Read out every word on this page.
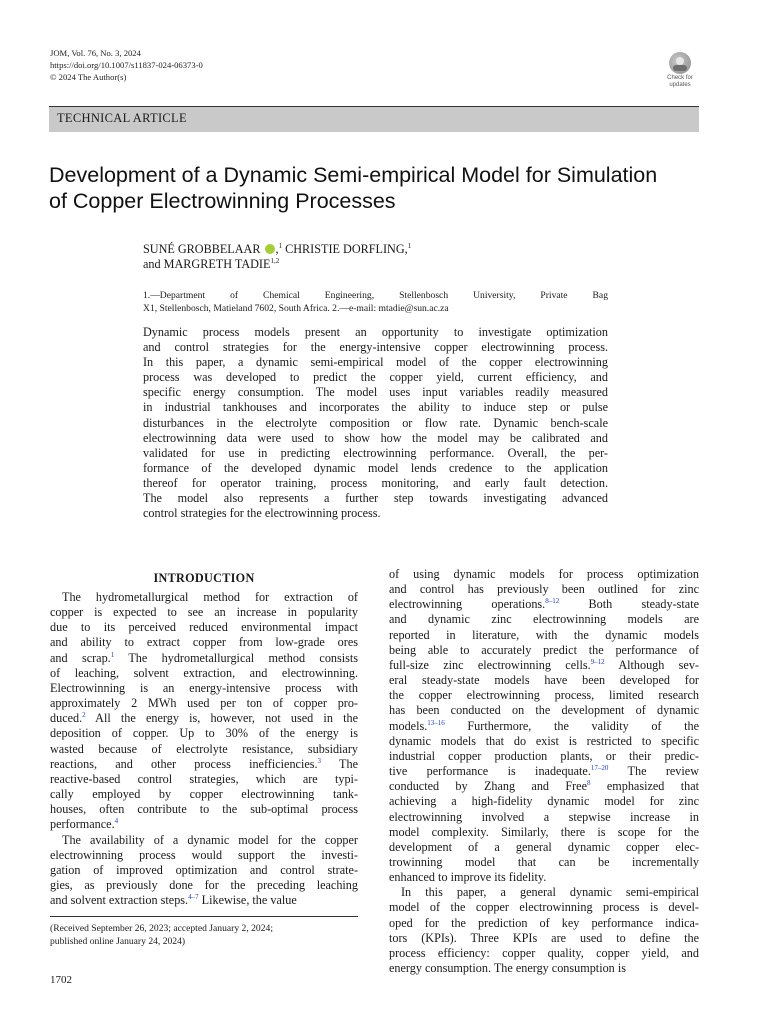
JOM, Vol. 76, No. 3, 2024
https://doi.org/10.1007/s11837-024-06373-0
© 2024 The Author(s)	Check for
updates
TECHNICAL ARTICLE
Development of a Dynamic Semi-empirical Model for Simulation
of Copper Electrowinning Processes
SUNÉ GROBBELAAR ,$^1$ CHRISTIE DORFLING,$^1$
and MARGRETH TADIE$^{1,2}$
1.—Department of Chemical Engineering, Stellenbosch University, Private Bag
X1, Stellenbosch, Matieland 7602, South Africa. 2.—e-mail: mtadie@sun.ac.za
Dynamic process models present an opportunity to investigate optimization
and control strategies for the energy-intensive copper electrowinning process.
In this paper, a dynamic semi-empirical model of the copper electrowinning
process was developed to predict the copper yield, current efficiency, and
specific energy consumption. The model uses input variables readily measured
in industrial tankhouses and incorporates the ability to induce step or pulse
disturbances in the electrolyte composition or flow rate. Dynamic bench-scale
electrowinning data were used to show how the model may be calibrated and
validated for use in predicting electrowinning performance. Overall, the per-
formance of the developed dynamic model lends credence to the application
thereof for operator training, process monitoring, and early fault detection.
The model also represents a further step towards investigating advanced
control strategies for the electrowinning process.
INTRODUCTION
The hydrometallurgical method for extraction of
copper is expected to see an increase in popularity
due to its perceived reduced environmental impact
and ability to extract copper from low-grade ores
and scrap.$^1$ The hydrometallurgical method consists
of leaching, solvent extraction, and electrowinning.
Electrowinning is an energy-intensive process with
approximately 2 MWh used per ton of copper pro-
duced.$^2$ All the energy is, however, not used in the
deposition of copper. Up to 30% of the energy is
wasted because of electrolyte resistance, subsidiary
reactions, and other process inefficiencies.$^3$ The
reactive-based control strategies, which are typi-
cally employed by copper electrowinning tank-
houses, often contribute to the sub-optimal process
performance.$^4$
The availability of a dynamic model for the copper
electrowinning process would support the investi-
gation of improved optimization and control strate-
gies, as previously done for the preceding leaching
and solvent extraction steps.$^{4-7}$ Likewise, the value
of using dynamic models for process optimization
and control has previously been outlined for zinc
electrowinning operations.$^{8-12}$ Both steady-state
and dynamic zinc electrowinning models are
reported in literature, with the dynamic models
being able to accurately predict the performance of
full-size zinc electrowinning cells.$^{9-12}$ Although sev-
eral steady-state models have been developed for
the copper electrowinning process, limited research
has been conducted on the development of dynamic
models.$^{13-16}$ Furthermore, the validity of the
dynamic models that do exist is restricted to specific
industrial copper production plants, or their predic-
tive performance is inadequate.$^{17-20}$ The review
conducted by Zhang and Free$^8$ emphasized that
achieving a high-fidelity dynamic model for zinc
electrowinning involved a stepwise increase in
model complexity. Similarly, there is scope for the
development of a general dynamic copper elec-
trowinning model that can be incrementally
enhanced to improve its fidelity.
In this paper, a general dynamic semi-empirical
model of the copper electrowinning process is devel-
oped for the prediction of key performance indica-
tors (KPIs). Three KPIs are used to define the
process efficiency: copper quality, copper yield, and
energy consumption. The energy consumption is
(Received September 26, 2023; accepted January 2, 2024;
published online January 24, 2024)
1702
